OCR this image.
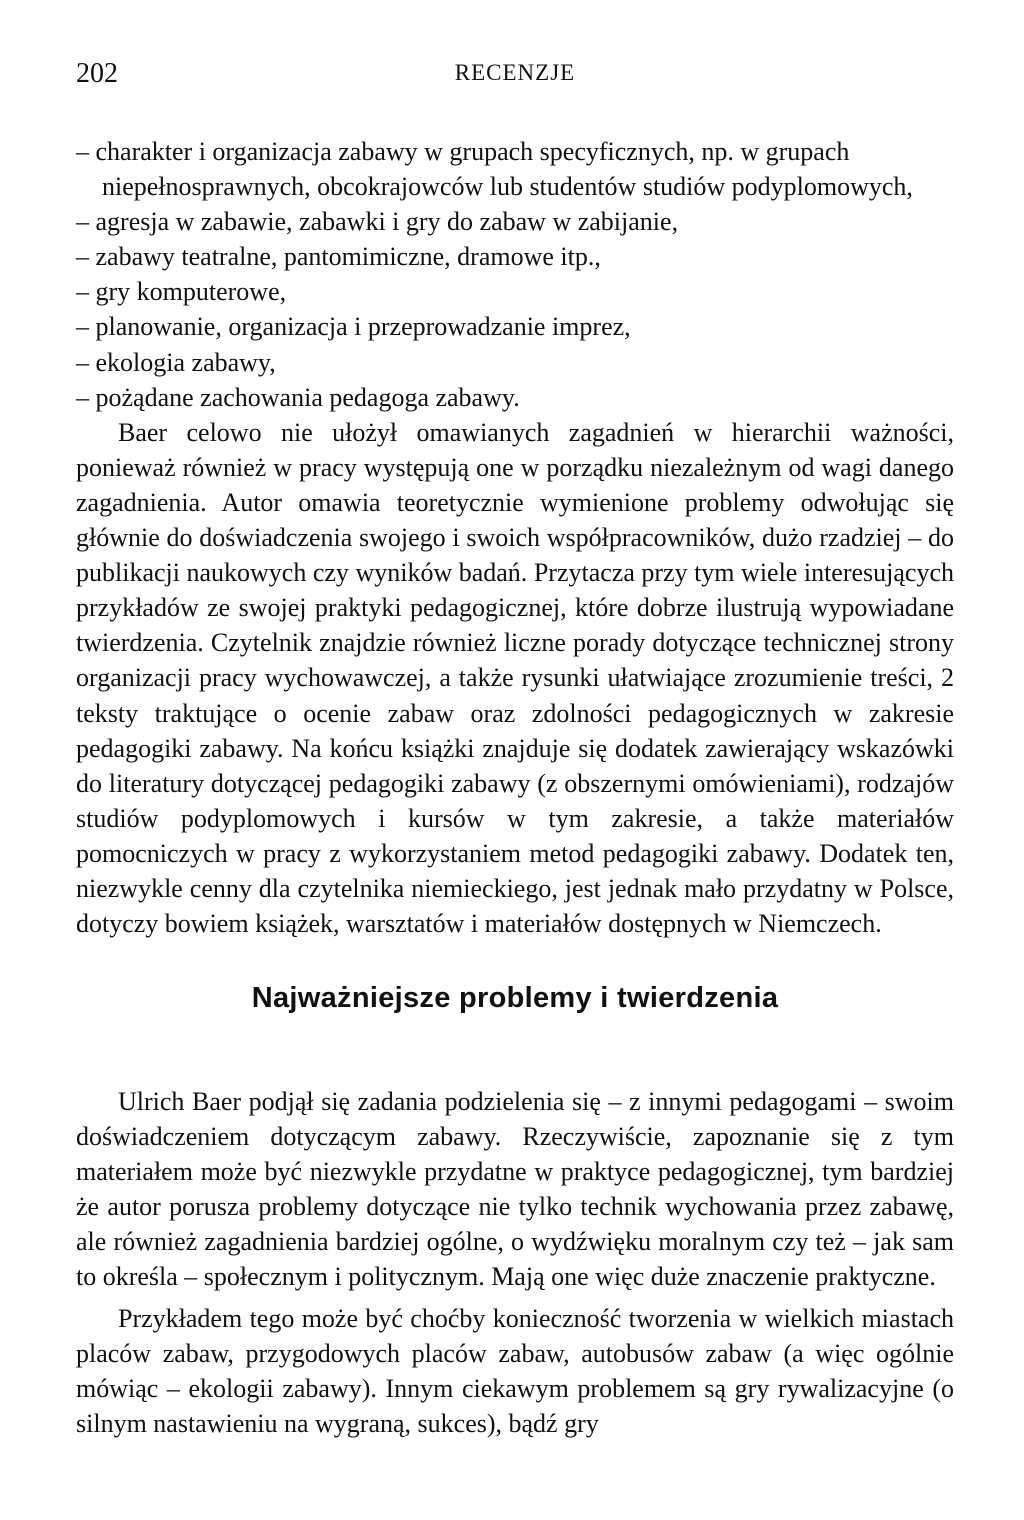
202	RECENZJE
– charakter i organizacja zabawy w grupach specyficznych, np. w grupach niepełnosprawnych, obcokrajowców lub studentów studiów podyplomowych,
– agresja w zabawie, zabawki i gry do zabaw w zabijanie,
– zabawy teatralne, pantomimiczne, dramowe itp.,
– gry komputerowe,
– planowanie, organizacja i przeprowadzanie imprez,
– ekologia zabawy,
– pożądane zachowania pedagoga zabawy.

Baer celowo nie ułożył omawianych zagadnień w hierarchii ważności, ponieważ również w pracy występują one w porządku niezależnym od wagi danego zagadnienia. Autor omawia teoretycznie wymienione problemy odwołując się głównie do doświadczenia swojego i swoich współpracowników, dużo rzadziej – do publikacji naukowych czy wyników badań. Przytacza przy tym wiele interesujących przykładów ze swojej praktyki pedagogicznej, które dobrze ilustrują wypowiadane twierdzenia. Czytelnik znajdzie również liczne porady dotyczące technicznej strony organizacji pracy wychowawczej, a także rysunki ułatwiające zrozumienie treści, 2 teksty traktujące o ocenie zabaw oraz zdolności pedagogicznych w zakresie pedagogiki zabawy. Na końcu książki znajduje się dodatek zawierający wskazówki do literatury dotyczącej pedagogiki zabawy (z obszernymi omówieniami), rodzajów studiów podyplomowych i kursów w tym zakresie, a także materiałów pomocniczych w pracy z wykorzystaniem metod pedagogiki zabawy. Dodatek ten, niezwykle cenny dla czytelnika niemieckiego, jest jednak mało przydatny w Polsce, dotyczy bowiem książek, warsztatów i materiałów dostępnych w Niemczech.

Najważniejsze problemy i twierdzenia

Ulrich Baer podjął się zadania podzielenia się – z innymi pedagogami – swoim doświadczeniem dotyczącym zabawy. Rzeczywiście, zapoznanie się z tym materiałem może być niezwykle przydatne w praktyce pedagogicznej, tym bardziej że autor porusza problemy dotyczące nie tylko technik wychowania przez zabawę, ale również zagadnienia bardziej ogólne, o wydźwięku moralnym czy też – jak sam to określa – społecznym i politycznym. Mają one więc duże znaczenie praktyczne.

Przykładem tego może być choćby konieczność tworzenia w wielkich miastach placów zabaw, przygodowych placów zabaw, autobusów zabaw (a więc ogólnie mówiąc – ekologii zabawy). Innym ciekawym problemem są gry rywalizacyjne (o silnym nastawieniu na wygraną, sukces), bądź gry
